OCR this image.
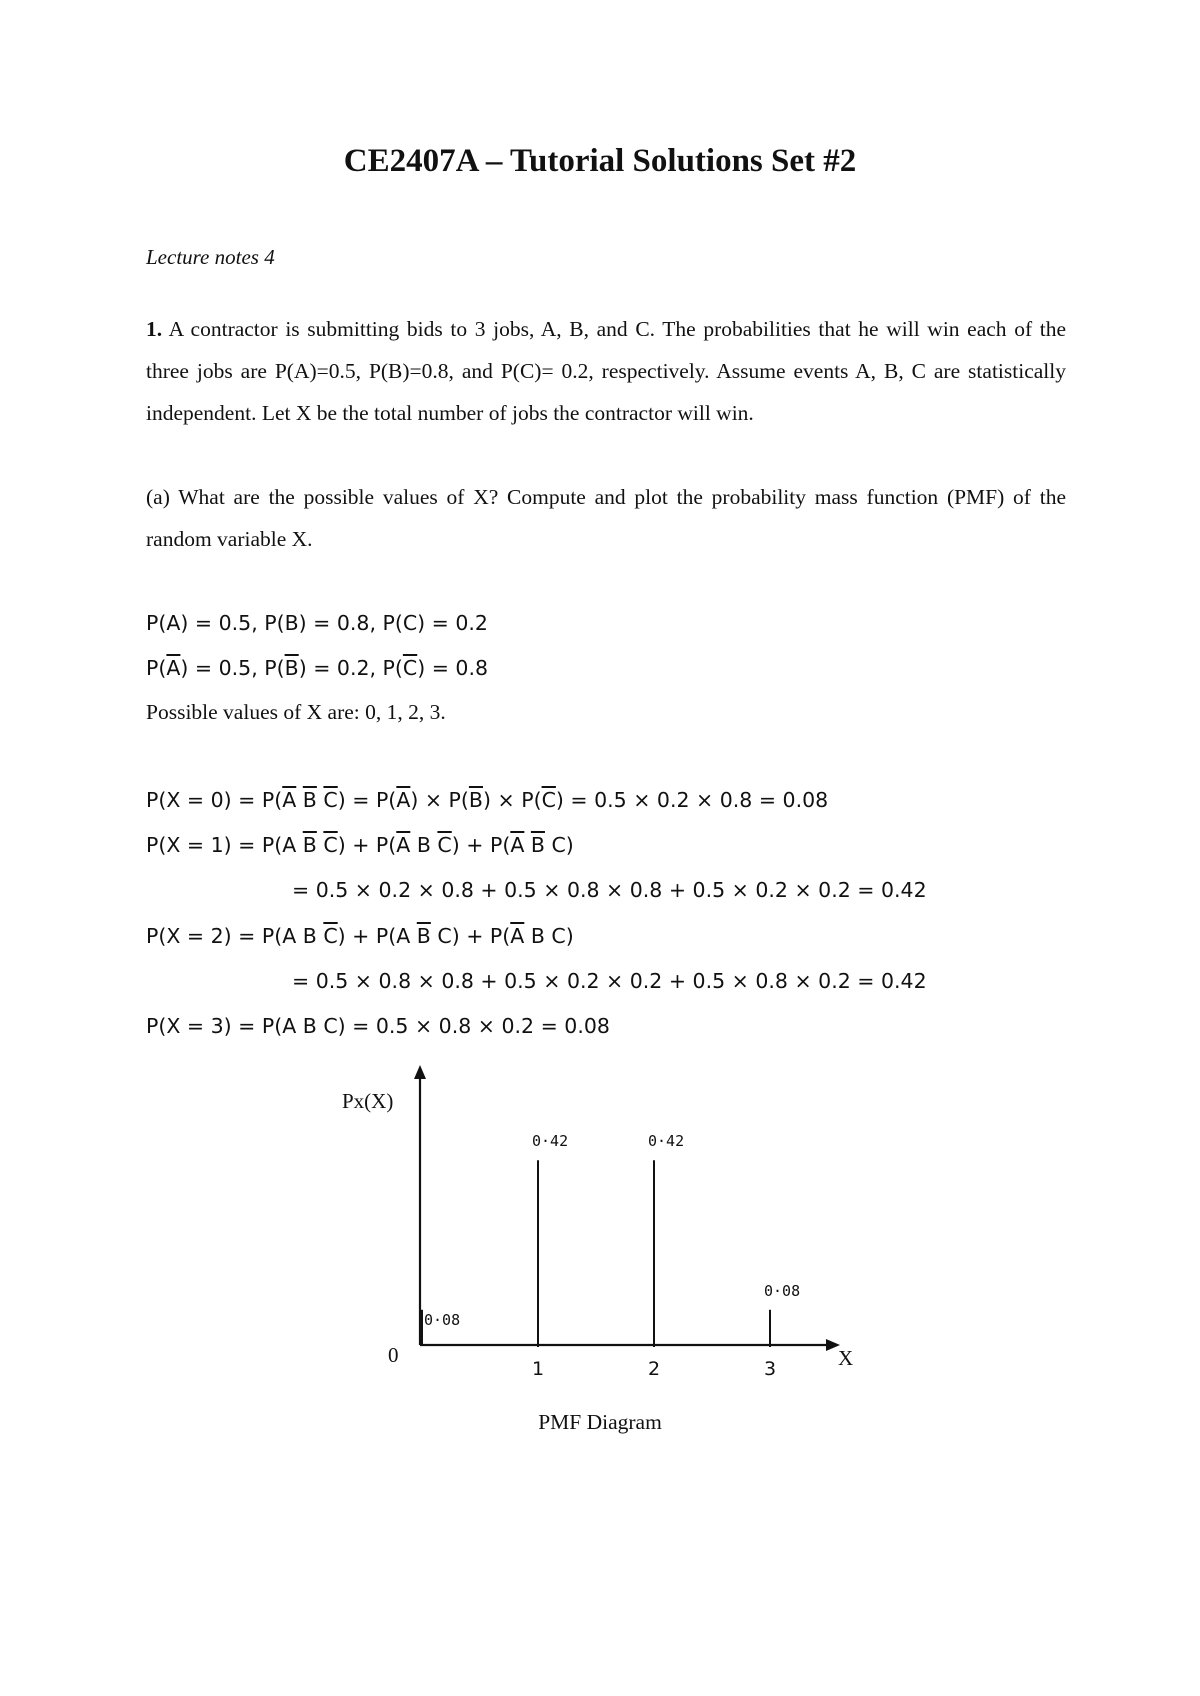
CE2407A – Tutorial Solutions Set #2
Lecture notes 4
1. A contractor is submitting bids to 3 jobs, A, B, and C. The probabilities that he will win each of the three jobs are P(A)=0.5, P(B)=0.8, and P(C)= 0.2, respectively. Assume events A, B, C are statistically independent. Let X be the total number of jobs the contractor will win.
(a) What are the possible values of X? Compute and plot the probability mass function (PMF) of the random variable X.
P(A) = 0.5, P(B) = 0.8, P(C) = 0.2
$P(\overline{A}) = 0.5$, $P(\overline{B}) = 0.2$, $P(\overline{C}) = 0.8$
Possible values of X are: 0, 1, 2, 3.
$P(X = 0) = P(\overline{A}$ $\overline{B}$ $\overline{C}) = P(\overline{A}) \times P(\overline{B}) \times P(\overline{C}) = 0.5 \times 0.2 \times 0.8 = 0.08$
P(X = 1) = P(A $\overline{B}$ $\overline{C}) + P(\overline{A}$ B $\overline{C}) + P(\overline{A}$ $\overline{B}$ C)
= 0.5 × 0.2 × 0.8 + 0.5 × 0.8 × 0.8 + 0.5 × 0.2 × 0.2 = 0.42
P(X = 2) = P(A B $\overline{C}) + P(A$ $\overline{B}$ $C) + P(\overline{A}$ B C)
= 0.5 × 0.8 × 0.8 + 0.5 × 0.2 × 0.2 + 0.5 × 0.8 × 0.2 = 0.42
P(X = 3) = P(A B C) = 0.5 × 0.8 × 0.2 = 0.08
Px(X)
X
0
0·08
0·42	0·42
0·08
1	2	3
PMF Diagram
